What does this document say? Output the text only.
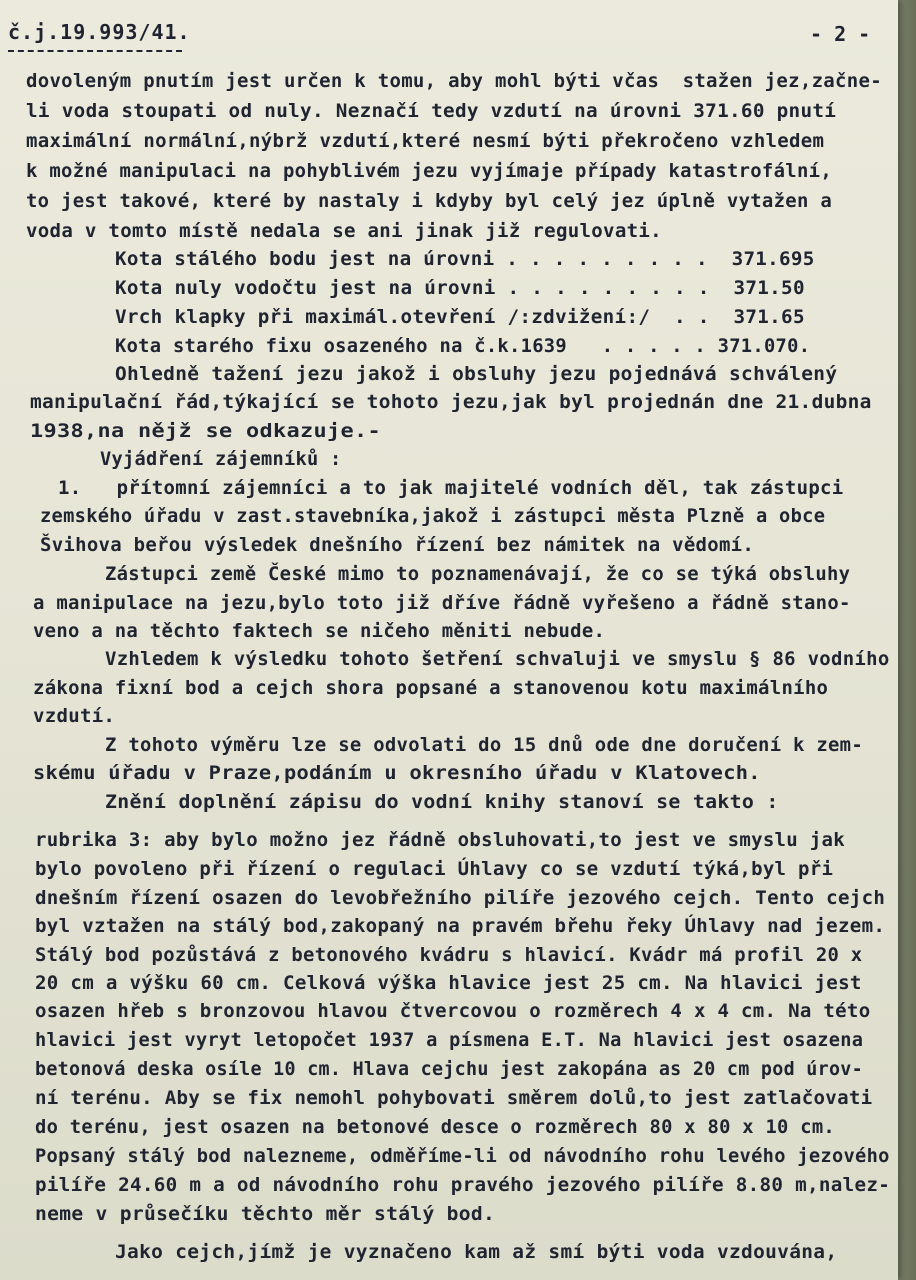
č.j.19.993/41.	- 2 -
dovoleným pnutím jest určen k tomu, aby mohl býti včas  stažen jez,začne-
li voda stoupati od nuly. Neznačí tedy vzdutí na úrovni 371.60 pnutí
maximální normální,nýbrž vzdutí,které nesmí býti překročeno vzhledem
k možné manipulaci na pohyblivém jezu vyjímaje případy katastrofální,
to jest takové, které by nastaly i kdyby byl celý jez úplně vytažen a
voda v tomto místě nedala se ani jinak již regulovati.
Kota stálého bodu jest na úrovni . . . . . . . . .  371.695
Kota nuly vodočtu jest na úrovni . . . . . . . . .  371.50
Vrch klapky při maximál.otevření /:zdvižení:/  . .  371.65
Kota starého fixu osazeného na č.k.1639   . . . . . 371.070.
Ohledně tažení jezu jakož i obsluhy jezu pojednává schválený
manipulační řád,týkající se tohoto jezu,jak byl projednán dne 21.dubna
1938,na nějž se odkazuje.-
Vyjádření zájemníků :
1.   přítomní zájemníci a to jak majitelé vodních děl, tak zástupci
zemského úřadu v zast.stavebníka,jakož i zástupci města Plzně a obce
Švihova beřou výsledek dnešního řízení bez námitek na vědomí.
Zástupci země České mimo to poznamenávají, že co se týká obsluhy
a manipulace na jezu,bylo toto již dříve řádně vyřešeno a řádně stano-
veno a na těchto faktech se ničeho měniti nebude.
Vzhledem k výsledku tohoto šetření schvaluji ve smyslu § 86 vodního
zákona fixní bod a cejch shora popsané a stanovenou kotu maximálního
vzdutí.
Z tohoto výměru lze se odvolati do 15 dnů ode dne doručení k zem-
skému úřadu v Praze,podáním u okresního úřadu v Klatovech.
Znění doplnění zápisu do vodní knihy stanoví se takto :
rubrika 3: aby bylo možno jez řádně obsluhovati,to jest ve smyslu jak
bylo povoleno při řízení o regulaci Úhlavy co se vzdutí týká,byl při
dnešním řízení osazen do levobřežního pilíře jezového cejch. Tento cejch
byl vztažen na stálý bod,zakopaný na pravém břehu řeky Úhlavy nad jezem.
Stálý bod pozůstává z betonového kvádru s hlavicí. Kvádr má profil 20 x
20 cm a výšku 60 cm. Celková výška hlavice jest 25 cm. Na hlavici jest
osazen hřeb s bronzovou hlavou čtvercovou o rozměrech 4 x 4 cm. Na této
hlavici jest vyryt letopočet 1937 a písmena E.T. Na hlavici jest osazena
betonová deska osíle 10 cm. Hlava cejchu jest zakopána as 20 cm pod úrov-
ní terénu. Aby se fix nemohl pohybovati směrem dolů,to jest zatlačovati
do terénu, jest osazen na betonové desce o rozměrech 80 x 80 x 10 cm.
Popsaný stálý bod nalezneme, odměříme-li od návodního rohu levého jezového
pilíře 24.60 m a od návodního rohu pravého jezového pilíře 8.80 m,nalez-
neme v průsečíku těchto měr stálý bod.
Jako cejch,jímž je vyznačeno kam až smí býti voda vzdouvána,
